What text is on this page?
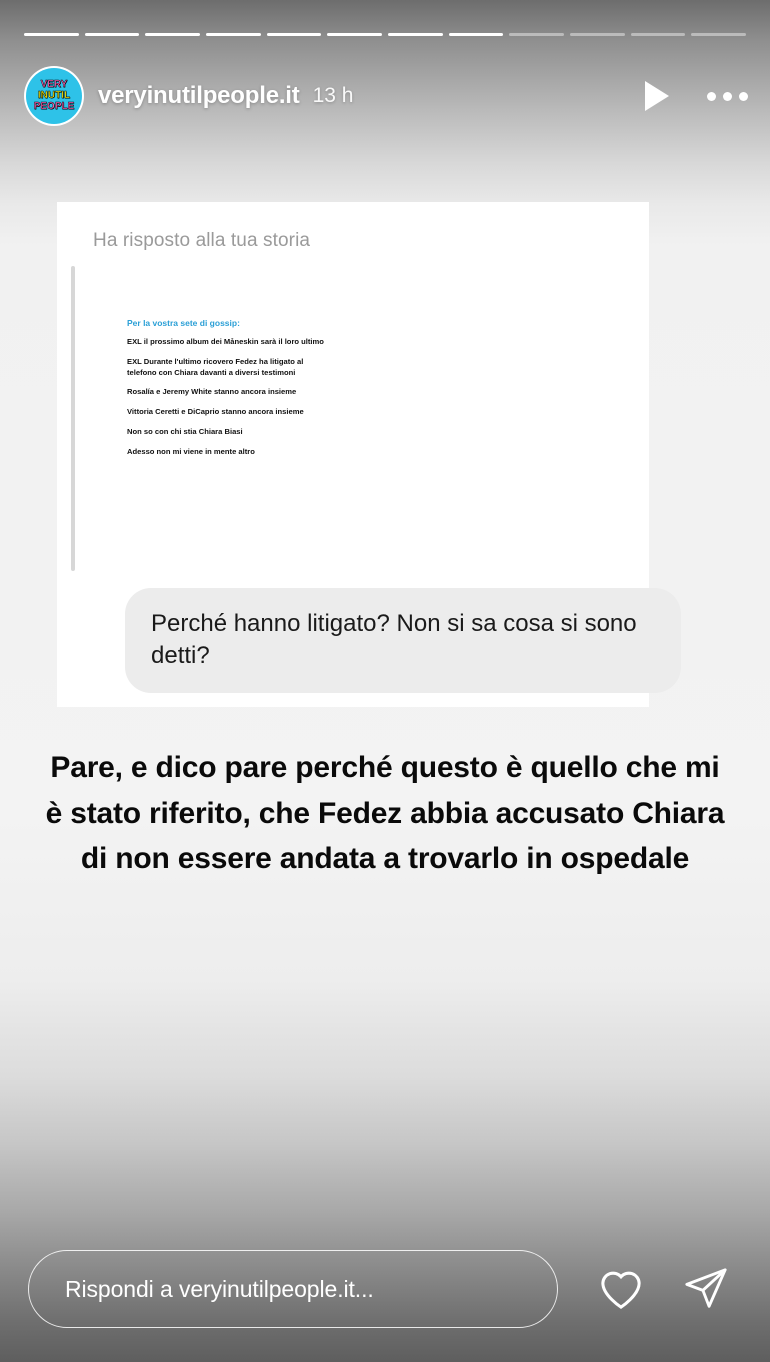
VERY
INUTIL
PEOPLE veryinutilpeople.it 13 h
Ha risposto alla tua storia
Per la vostra sete di gossip:
EXL il prossimo album dei Måneskin sarà il loro ultimo
EXL Durante l'ultimo ricovero Fedez ha litigato al telefono con Chiara davanti a diversi testimoni
Rosalía e Jeremy White stanno ancora insieme
Vittoria Ceretti e DiCaprio stanno ancora insieme
Non so con chi stia Chiara Biasi
Adesso non mi viene in mente altro
Perché hanno litigato? Non si sa cosa si sono detti?
Pare, e dico pare perché questo è quello che mi è stato riferito, che Fedez abbia accusato Chiara di non essere andata a trovarlo in ospedale
Rispondi a veryinutilpeople.it...
